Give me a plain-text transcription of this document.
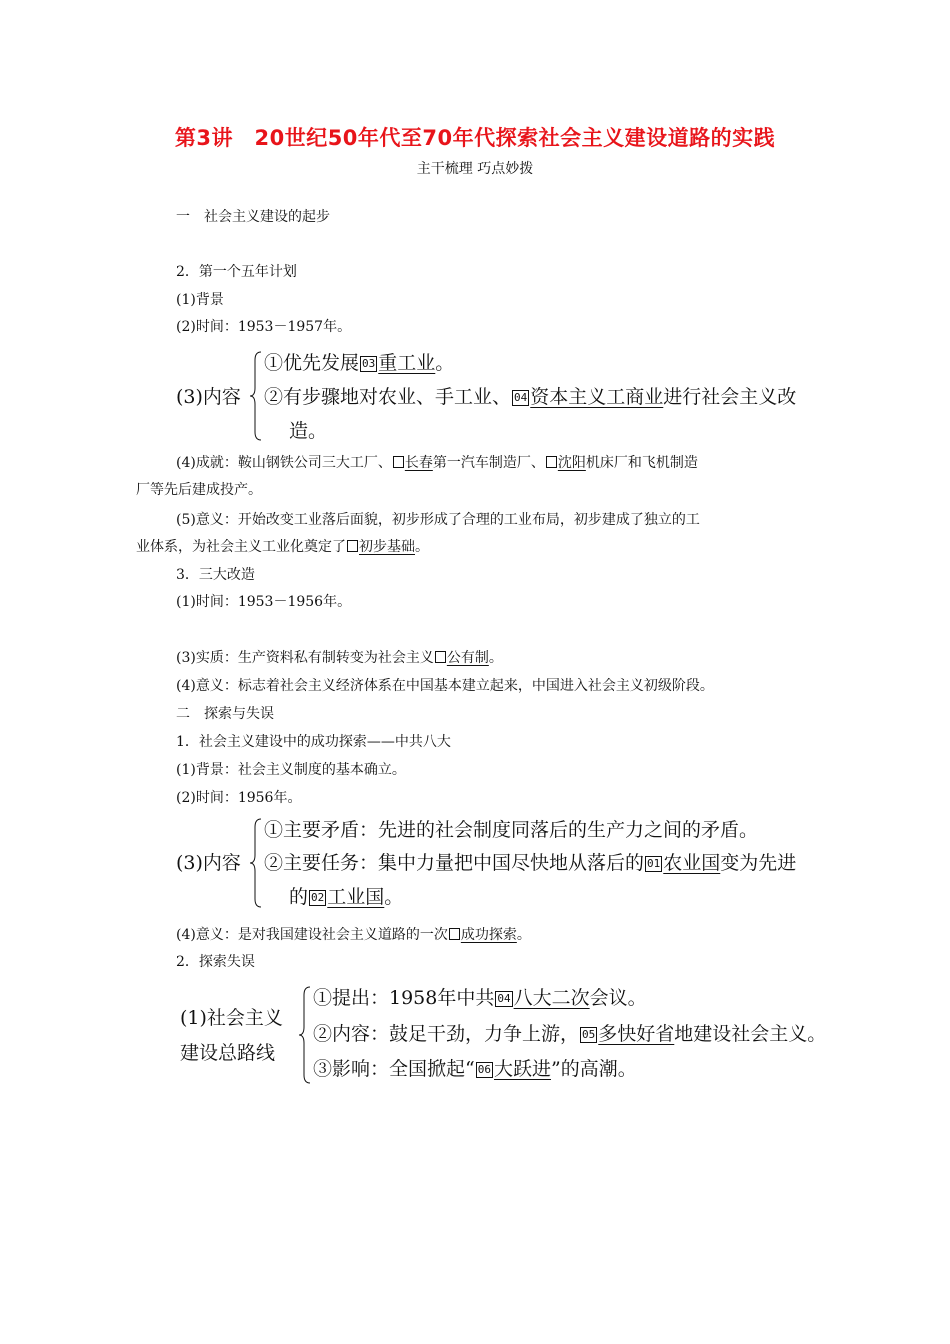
第3讲　20世纪50年代至70年代探索社会主义建设道路的实践
主干梳理 巧点妙拨
一　社会主义建设的起步
2．第一个五年计划
(1)背景
(2)时间：1953－1957年。
(3)内容
①优先发展 03 重工业。
②有步骤地对农业、手工业、 04 资本主义工商业进行社会主义改
造。
(4)成就：鞍山钢铁公司三大工厂、 长春第一汽车制造厂、 沈阳机床厂和飞机制造
厂等先后建成投产。
(5)意义：开始改变工业落后面貌，初步形成了合理的工业布局，初步建成了独立的工
业体系，为社会主义工业化奠定了 初步基础。
3．三大改造
(1)时间：1953－1956年。
(3)实质：生产资料私有制转变为社会主义 公有制。
(4)意义：标志着社会主义经济体系在中国基本建立起来，中国进入社会主义初级阶段。
二　探索与失误
1．社会主义建设中的成功探索——中共八大
(1)背景：社会主义制度的基本确立。
(2)时间：1956年。
(3)内容
①主要矛盾：先进的社会制度同落后的生产力之间的矛盾。
②主要任务：集中力量把中国尽快地从落后的 01 农业国变为先进
的 02 工业国。
(4)意义：是对我国建设社会主义道路的一次 成功探索。
2．探索失误
(1)社会主义
建设总路线
①提出：1958年中共 04 八大二次会议。
②内容：鼓足干劲，力争上游， 05 多快好省地建设社会主义。
③影响：全国掀起“ 06 大跃进”的高潮。
